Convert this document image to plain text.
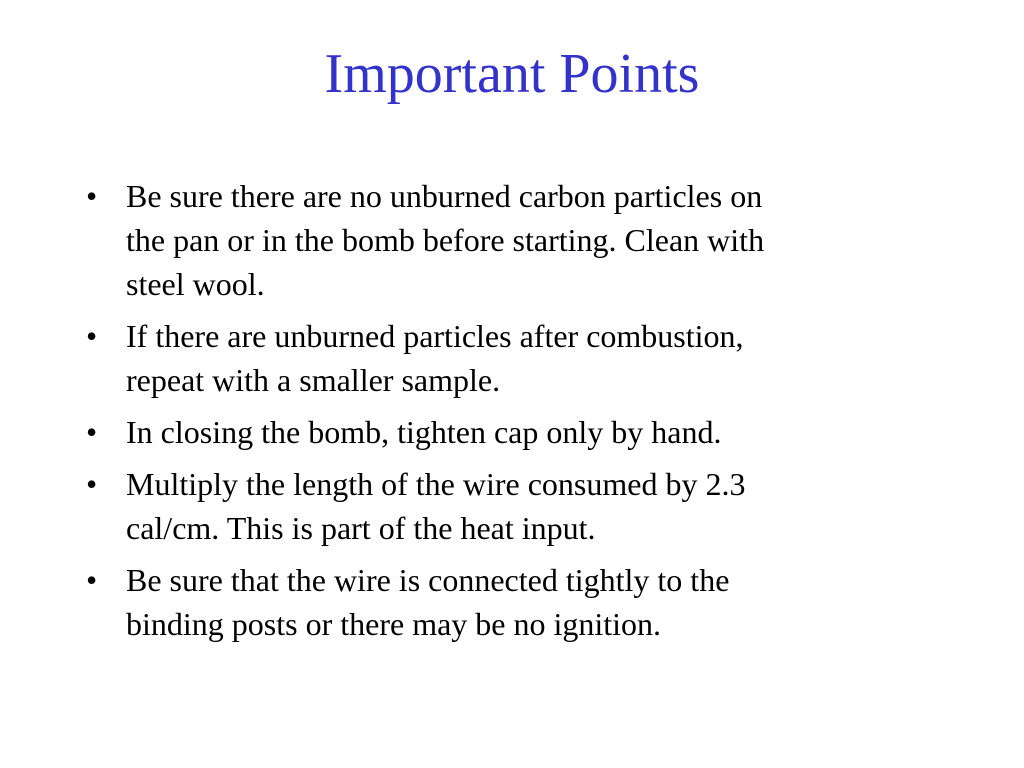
Important Points
• Be sure there are no unburned carbon particles on
the pan or in the bomb before starting. Clean with
steel wool.
• If there are unburned particles after combustion,
repeat with a smaller sample.
• In closing the bomb, tighten cap only by hand.
• Multiply the length of the wire consumed by 2.3
cal/cm. This is part of the heat input.
• Be sure that the wire is connected tightly to the
binding posts or there may be no ignition.
